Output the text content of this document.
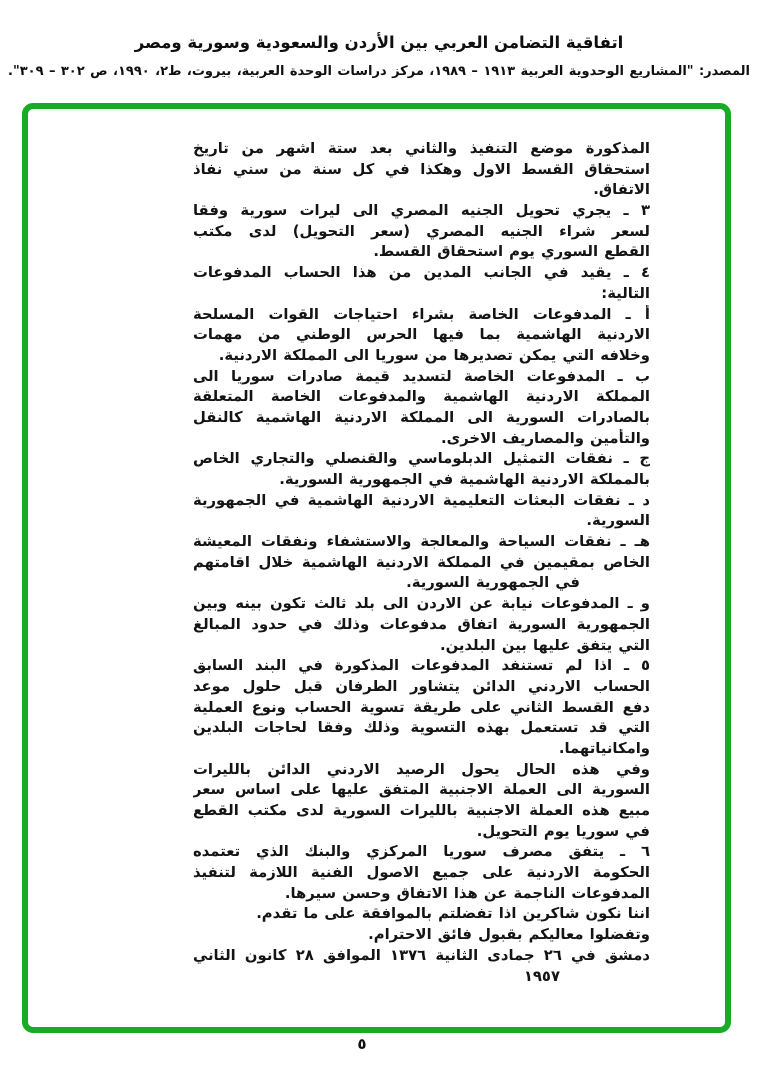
اتفاقية التضامن العربي بين الأردن والسعودية وسورية ومصر
المصدر: "المشاريع الوحدوية العربية ١٩١٣ – ١٩٨٩، مركز دراسات الوحدة العربية، بيروت، ط٢، ١٩٩٠، ص ٣٠٢ – ٣٠٩".
المذكورة موضع التنفيذ والثاني بعد ستة اشهر من تاريخ
استحقاق القسط الاول وهكذا في كل سنة من سني نفاذ
الاتفاق.
٣ ـ يجري تحويل الجنيه المصري الى ليرات سورية وفقا
لسعر شراء الجنيه المصري (سعر التحويل) لدى مكتب
القطع السوري يوم استحقاق القسط.
٤ ـ يقيد في الجانب المدين من هذا الحساب المدفوعات
التالية:
أ ـ المدفوعات الخاصة بشراء احتياجات القوات المسلحة
الاردنية الهاشمية بما فيها الحرس الوطني من مهمات
وخلافه التي يمكن تصديرها من سوريا الى المملكة الاردنية.
ب ـ المدفوعات الخاصة لتسديد قيمة صادرات سوريا الى
المملكة الاردنية الهاشمية والمدفوعات الخاصة المتعلقة
بالصادرات السورية الى المملكة الاردنية الهاشمية كالنقل
والتأمين والمصاريف الاخرى.
ج ـ نفقات التمثيل الدبلوماسي والقنصلي والتجاري الخاص
بالمملكة الاردنية الهاشمية في الجمهورية السورية.
د ـ نفقات البعثات التعليمية الاردنية الهاشمية في الجمهورية
السورية.
هـ ـ نفقات السياحة والمعالجة والاستشفاء ونفقات المعيشة
الخاص بمقيمين في المملكة الاردنية الهاشمية خلال اقامتهم
في الجمهورية السورية.
و ـ المدفوعات نيابة عن الاردن الى بلد ثالث تكون بينه وبين
الجمهورية السورية اتفاق مدفوعات وذلك في حدود المبالغ
التي يتفق عليها بين البلدين.
٥ ـ اذا لم تستنفد المدفوعات المذكورة في البند السابق
الحساب الاردني الدائن يتشاور الطرفان قبل حلول موعد
دفع القسط الثاني على طريقة تسوية الحساب ونوع العملية
التي قد تستعمل بهذه التسوية وذلك وفقا لحاجات البلدين
وامكانياتهما.
وفي هذه الحال يحول الرصيد الاردني الدائن بالليرات
السورية الى العملة الاجنبية المتفق عليها على اساس سعر
مبيع هذه العملة الاجنبية بالليرات السورية لدى مكتب القطع
في سوريا يوم التحويل.
٦ ـ يتفق مصرف سوريا المركزي والبنك الذي تعتمده
الحكومة الاردنية على جميع الاصول الفنية اللازمة لتنفيذ
المدفوعات الناجمة عن هذا الاتفاق وحسن سيرها.
اننا نكون شاكرين اذا تفضلتم بالموافقة على ما تقدم.
وتفضلوا معاليكم بقبول فائق الاحترام.
دمشق في ٢٦ جمادى الثانية ١٣٧٦ الموافق ٢٨ كانون الثاني
١٩٥٧
٥
